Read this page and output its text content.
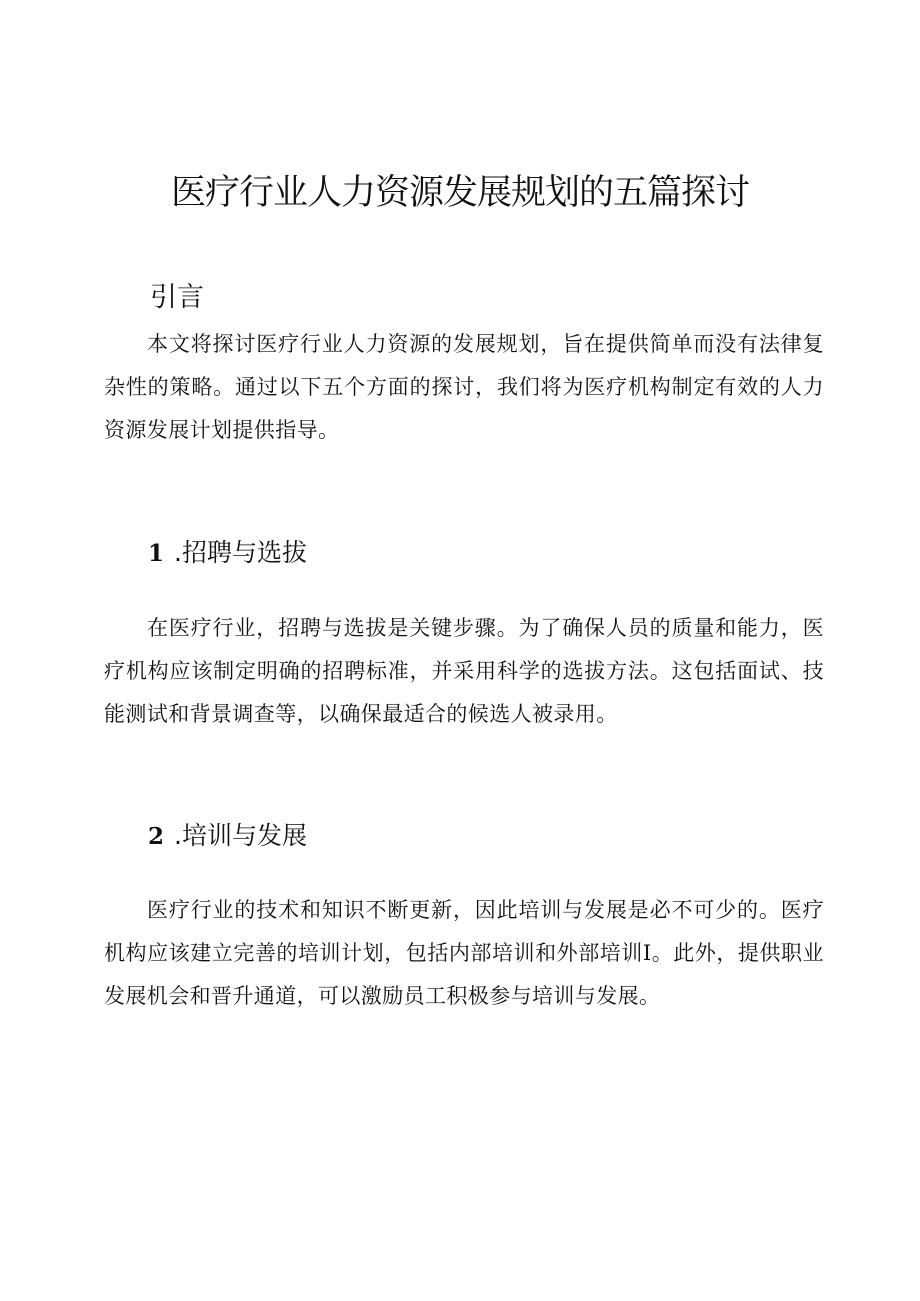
医疗行业人力资源发展规划的五篇探讨
引言

本文将探讨医疗行业人力资源的发展规划，旨在提供简单而没有法律复杂性的策略。通过以下五个方面的探讨，我们将为医疗机构制定有效的人力资源发展计划提供指导。

1 .招聘与选拔

在医疗行业，招聘与选拔是关键步骤。为了确保人员的质量和能力，医疗机构应该制定明确的招聘标准，并采用科学的选拔方法。这包括面试、技能测试和背景调查等，以确保最适合的候选人被录用。

2 .培训与发展

医疗行业的技术和知识不断更新，因此培训与发展是必不可少的。医疗机构应该建立完善的培训计划，包括内部培训和外部培训I。此外，提供职业发展机会和晋升通道，可以激励员工积极参与培训与发展。
